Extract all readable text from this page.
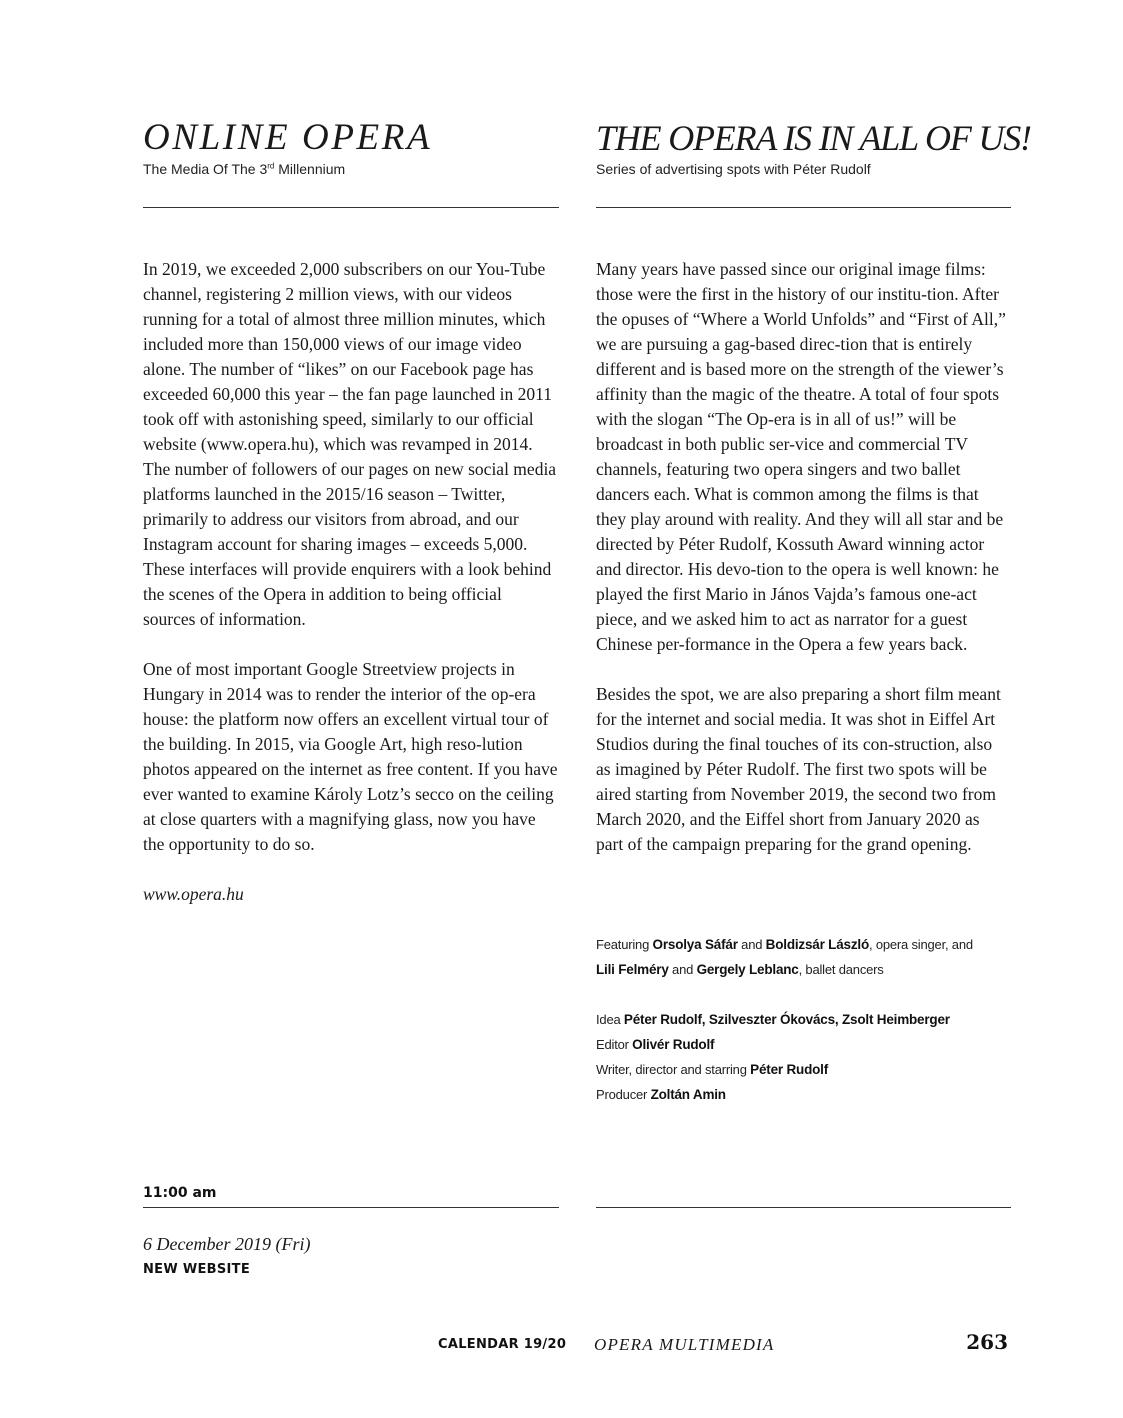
ONLINE OPERA	THE OPERA IS IN ALL OF US!
The Media Of The 3rd Millennium	Series of advertising spots with Péter Rudolf

In 2019, we exceeded 2,000 subscribers on our You-Tube channel, registering 2 million views, with our videos running for a total of almost three million minutes, which included more than 150,000 views of our image video alone. The number of “likes” on our Facebook page has exceeded 60,000 this year – the fan page launched in 2011 took off with astonishing speed, similarly to our official website (www.opera.hu), which was revamped in 2014. The number of followers of our pages on new social media platforms launched in the 2015/16 season – Twitter, primarily to address our visitors from abroad, and our Instagram account for sharing images – exceeds 5,000. These interfaces will provide enquirers with a look behind the scenes of the Opera in addition to being official sources of information.

One of most important Google Streetview projects in Hungary in 2014 was to render the interior of the op-era house: the platform now offers an excellent virtual tour of the building. In 2015, via Google Art, high reso-lution photos appeared on the internet as free content. If you have ever wanted to examine Károly Lotz’s secco on the ceiling at close quarters with a magnifying glass, now you have the opportunity to do so.

www.opera.hu

Many years have passed since our original image films: those were the first in the history of our institu-tion. After the opuses of “Where a World Unfolds” and “First of All,” we are pursuing a gag-based direc-tion that is entirely different and is based more on the strength of the viewer’s affinity than the magic of the theatre. A total of four spots with the slogan “The Op-era is in all of us!” will be broadcast in both public ser-vice and commercial TV channels, featuring two opera singers and two ballet dancers each. What is common among the films is that they play around with reality. And they will all star and be directed by Péter Rudolf, Kossuth Award winning actor and director. His devo-tion to the opera is well known: he played the first Mario in János Vajda’s famous one-act piece, and we asked him to act as narrator for a guest Chinese per-formance in the Opera a few years back.

Besides the spot, we are also preparing a short film meant for the internet and social media. It was shot in Eiffel Art Studios during the final touches of its con-struction, also as imagined by Péter Rudolf. The first two spots will be aired starting from November 2019, the second two from March 2020, and the Eiffel short from January 2020 as part of the campaign preparing for the grand opening.

Featuring Orsolya Sáfár and Boldizsár László, opera singer, and
Lili Felméry and Gergely Leblanc, ballet dancers
Idea Péter Rudolf, Szilveszter Ókovács, Zsolt Heimberger
Editor Olivér Rudolf
Writer, director and starring Péter Rudolf
Producer Zoltán Amin
11:00 am
6 December 2019 (Fri)
NEW WEBSITE
CALENDAR 19/20 OPERA MULTIMEDIA	263
